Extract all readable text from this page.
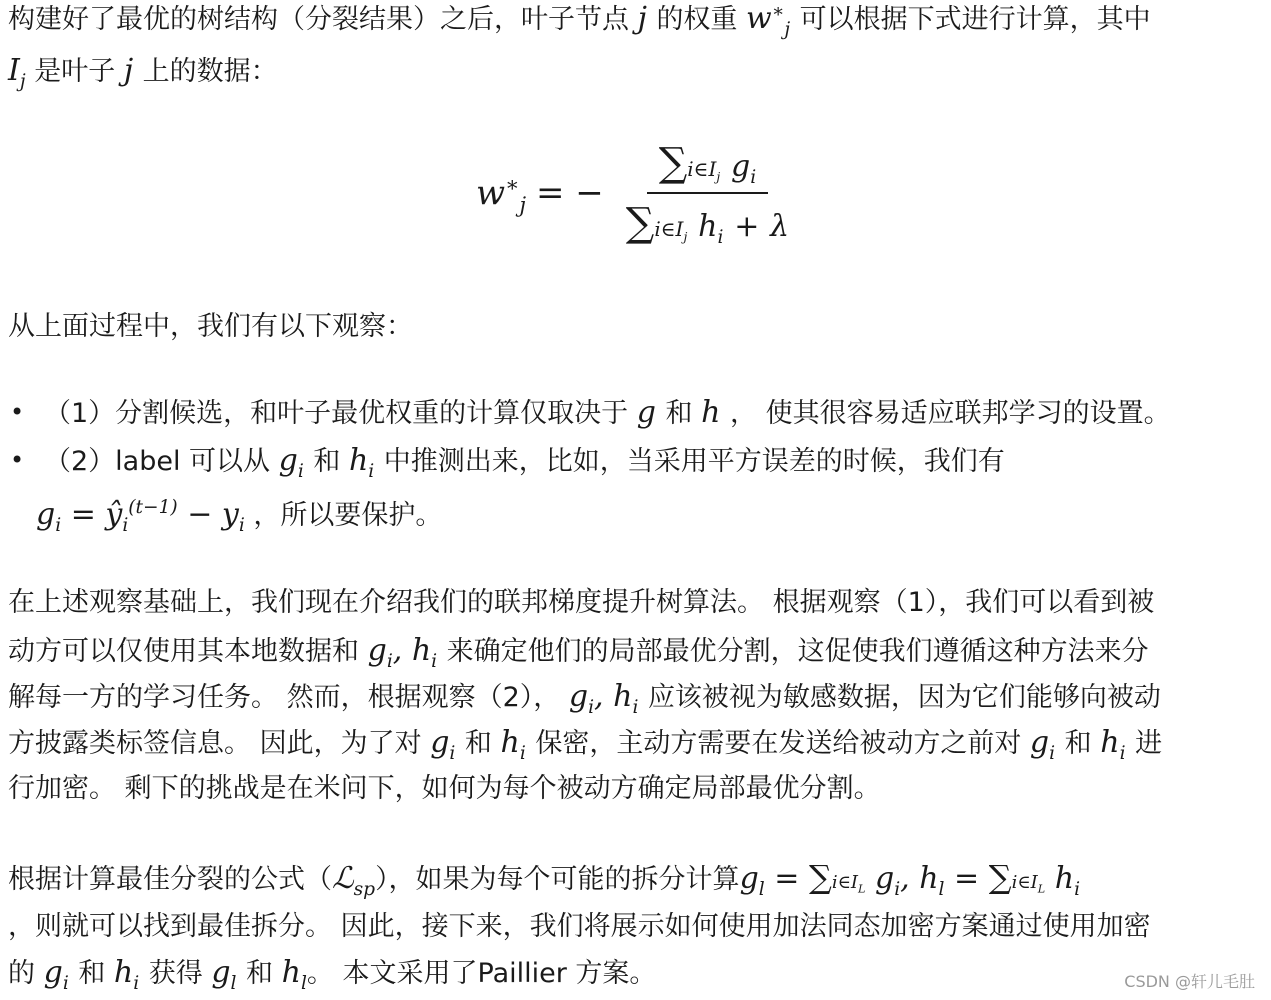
构建好了最优的树结构（分裂结果）之后，叶子节点 j 的权重 $w^∗_j$ 可以根据下式进行计算，其中
$I_j$ 是叶子 j 上的数据：
$w^∗_j$ = − $\frac{\sum i\in I_j g_i}{\sum i\in I_j h_i + \lambda}$
从上面过程中，我们有以下观察：
• （1）分割候选，和叶子最优权重的计算仅取决于 g 和 h ， 使其很容易适应联邦学习的设置。
• （2）label 可以从 $g_i$ 和 $h_i$ 中推测出来，比如，当采用平方误差的时候，我们有
$g_i$ = $ŷ_i^{(t-1)} - y_i$ ，所以要保护。
在上述观察基础上，我们现在介绍我们的联邦梯度提升树算法。 根据观察（1），我们可以看到被
动方可以仅使用其本地数据和 $g_i$, $h_i$ 来确定他们的局部最优分割，这促使我们遵循这种方法来分
解每一方的学习任务。 然而，根据观察（2）， $g_i$, $h_i$ 应该被视为敏感数据，因为它们能够向被动
方披露类标签信息。 因此，为了对 $g_i$ 和 $h_i$ 保密，主动方需要在发送给被动方之前对 $g_i$ 和 $h_i$ 进
行加密。 剩下的挑战是在米问下，如何为每个被动方确定局部最优分割。
根据计算最佳分裂的公式（ℒ$_{sp}$），如果为每个可能的拆分计算$g_l$ = $\sum i\in I_L$ $g_i$, $h_l$ = $\sum i\in I_L$ $h_i$
，则就可以找到最佳拆分。 因此，接下来，我们将展示如何使用加法同态加密方案通过使用加密
的 $g_i$ 和 $h_i$ 获得 $g_l$ 和 $h_l$。 本文采用了Paillier 方案。	CSDN @轩儿毛肚
